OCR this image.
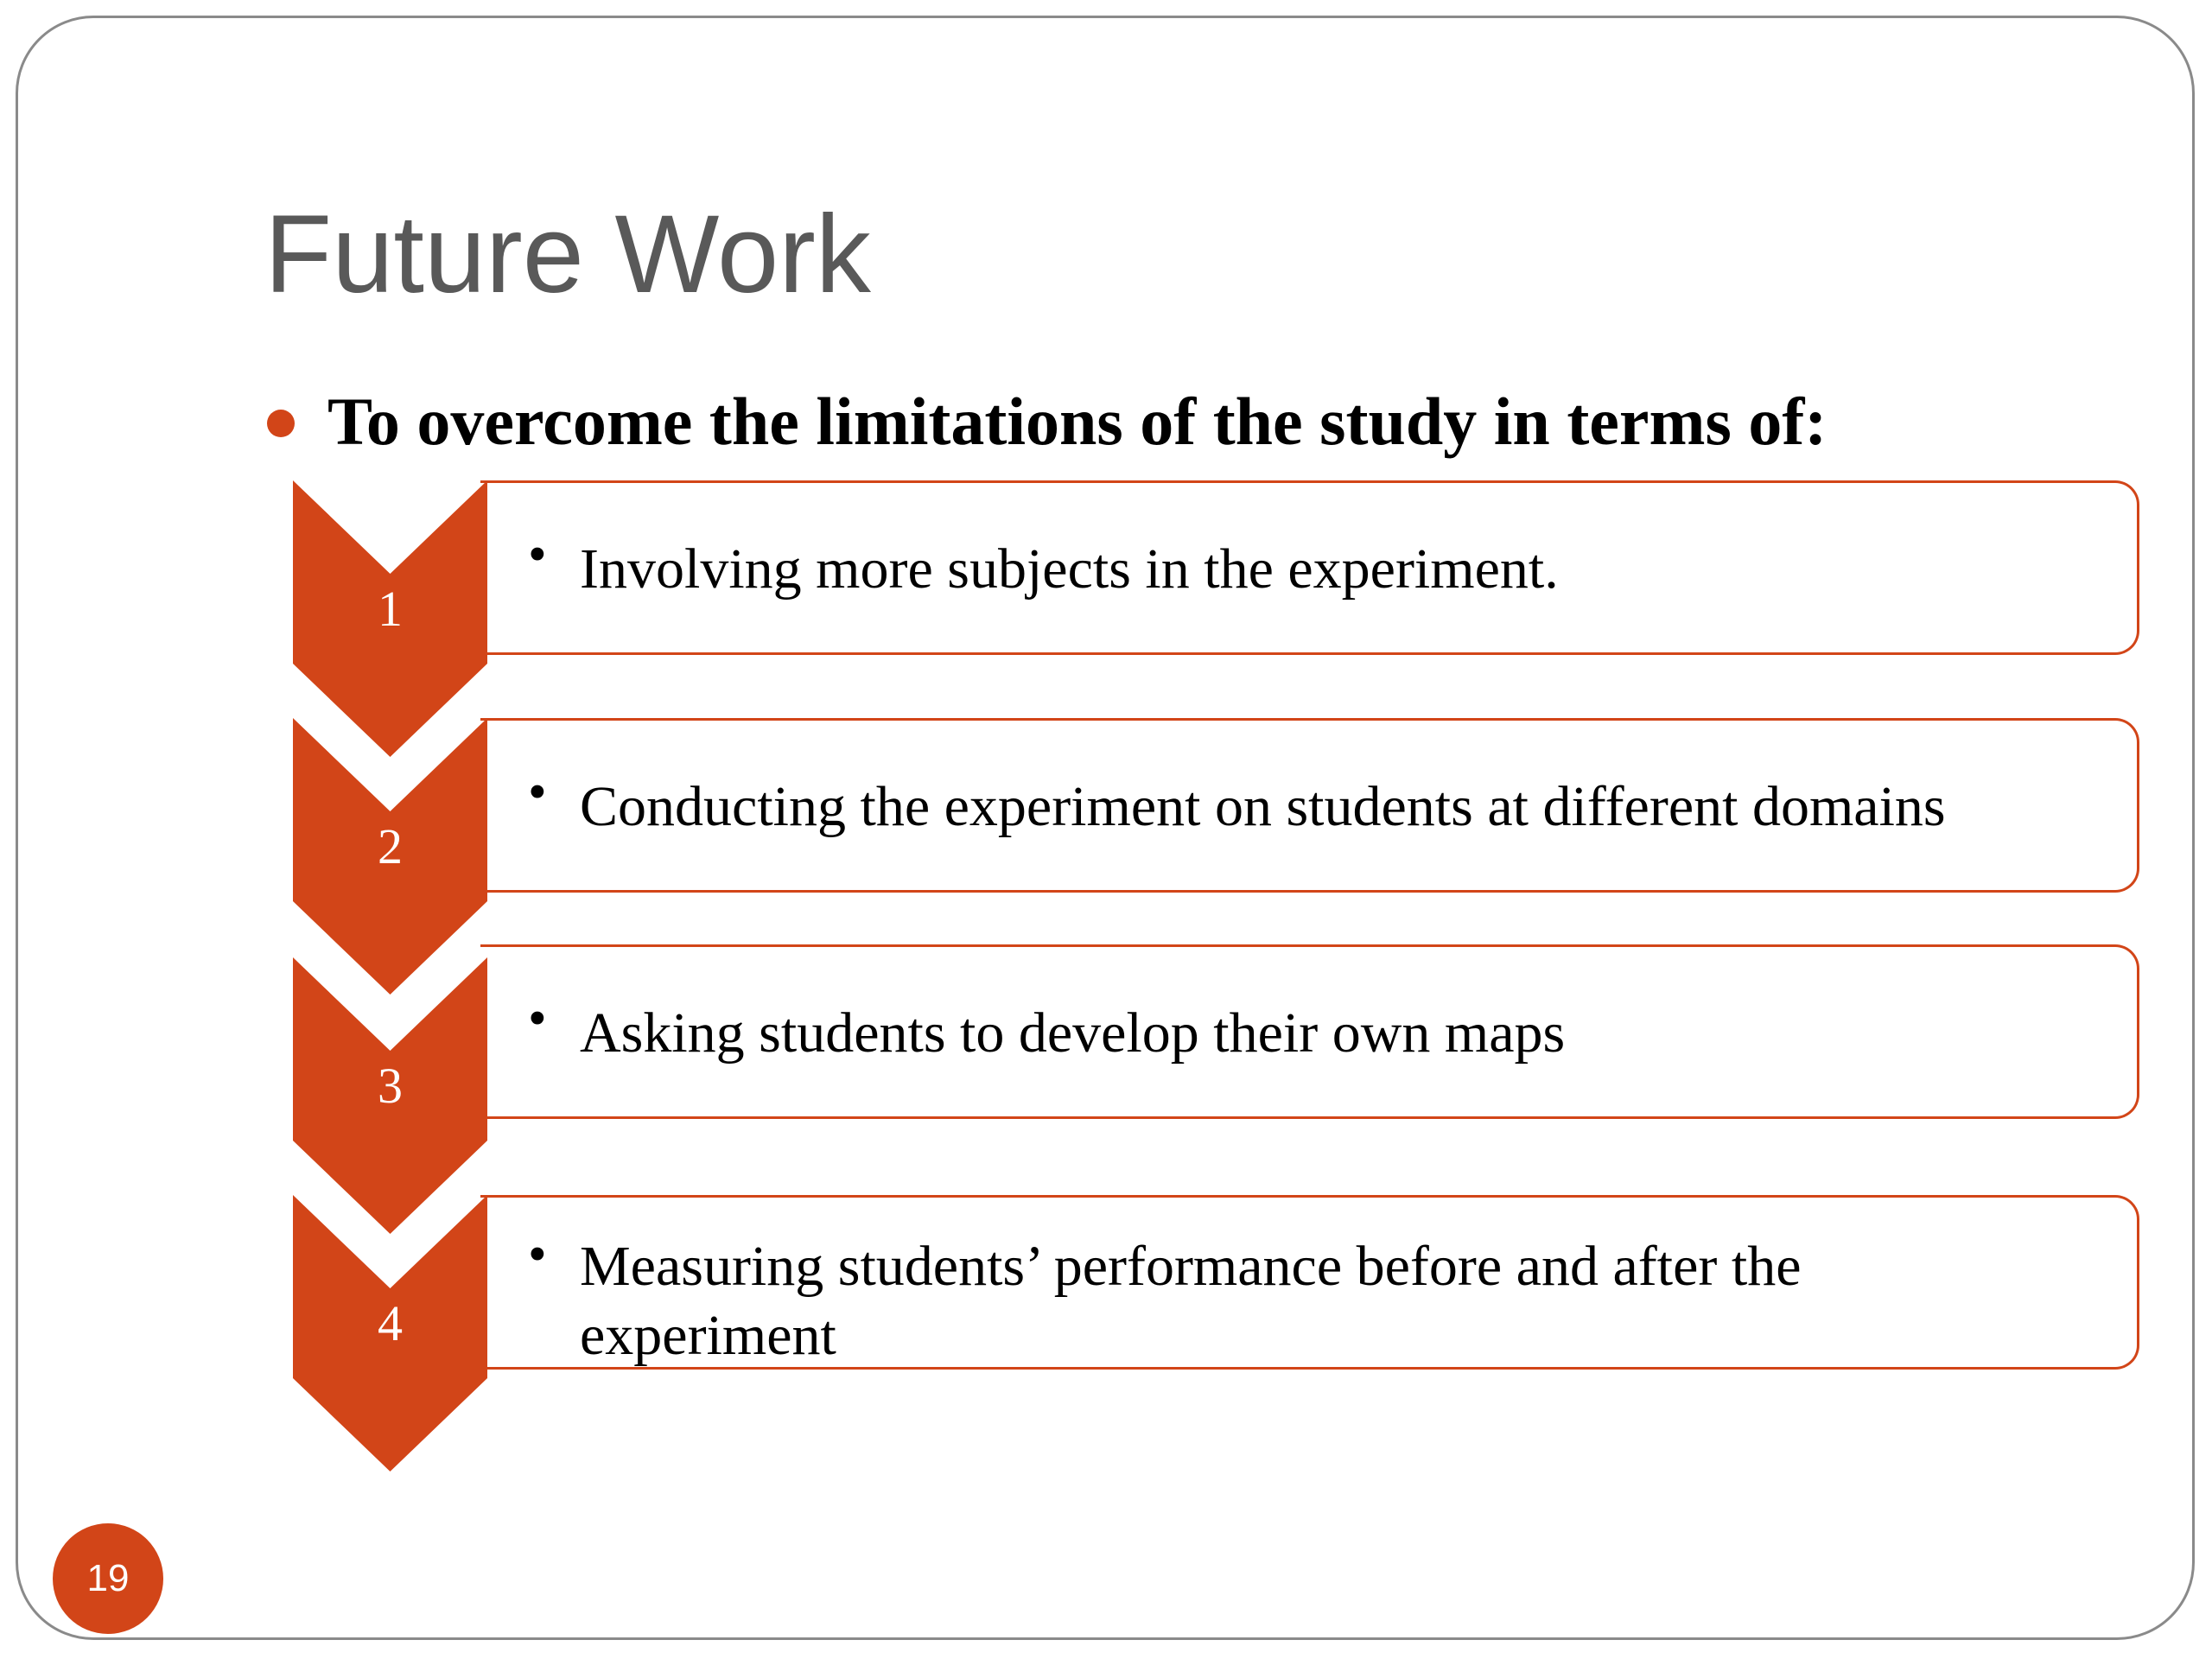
Future Work
To overcome the limitations of the study in terms of:
• Involving more subjects in the experiment.
1
• Conducting the experiment on students at different domains
2
• Asking students to develop their own maps
3
• Measuring students’ performance before and after the experiment
4
19
